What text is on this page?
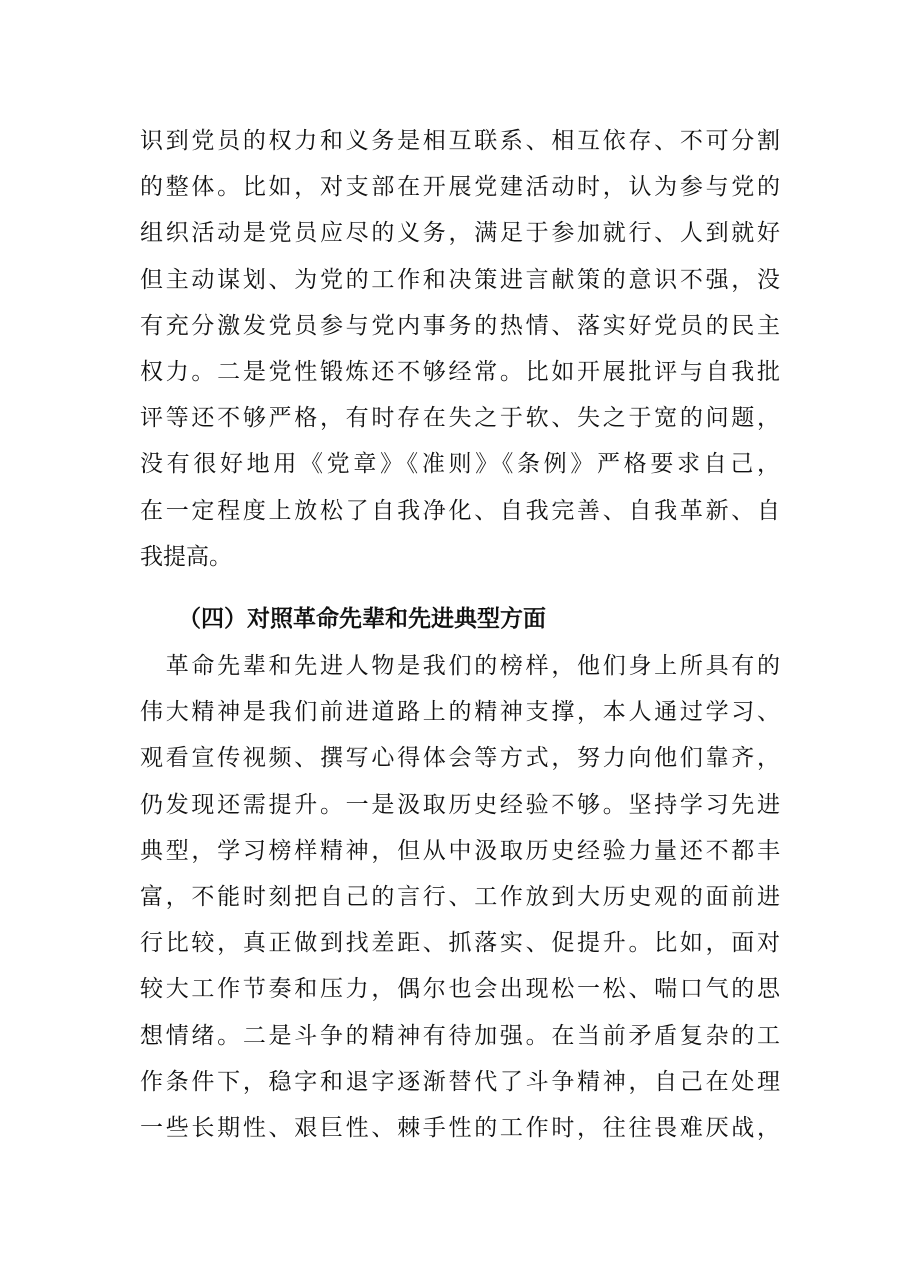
识到党员的权力和义务是相互联系、相互依存、不可分割
的整体。比如，对支部在开展党建活动时，认为参与党的
组织活动是党员应尽的义务，满足于参加就行、人到就好
但主动谋划、为党的工作和决策进言献策的意识不强，没
有充分激发党员参与党内事务的热情、落实好党员的民主
权力。二是党性锻炼还不够经常。比如开展批评与自我批
评等还不够严格，有时存在失之于软、失之于宽的问题，
没有很好地用《党章》《准则》《条例》严格要求自己，
在一定程度上放松了自我净化、自我完善、自我革新、自
我提高。
（四）对照革命先辈和先进典型方面
　革命先辈和先进人物是我们的榜样，他们身上所具有的
伟大精神是我们前进道路上的精神支撑，本人通过学习、
观看宣传视频、撰写心得体会等方式，努力向他们靠齐，
仍发现还需提升。一是汲取历史经验不够。坚持学习先进
典型，学习榜样精神，但从中汲取历史经验力量还不都丰
富，不能时刻把自己的言行、工作放到大历史观的面前进
行比较，真正做到找差距、抓落实、促提升。比如，面对
较大工作节奏和压力，偶尔也会出现松一松、喘口气的思
想情绪。二是斗争的精神有待加强。在当前矛盾复杂的工
作条件下，稳字和退字逐渐替代了斗争精神，自己在处理
一些长期性、艰巨性、棘手性的工作时，往往畏难厌战，
